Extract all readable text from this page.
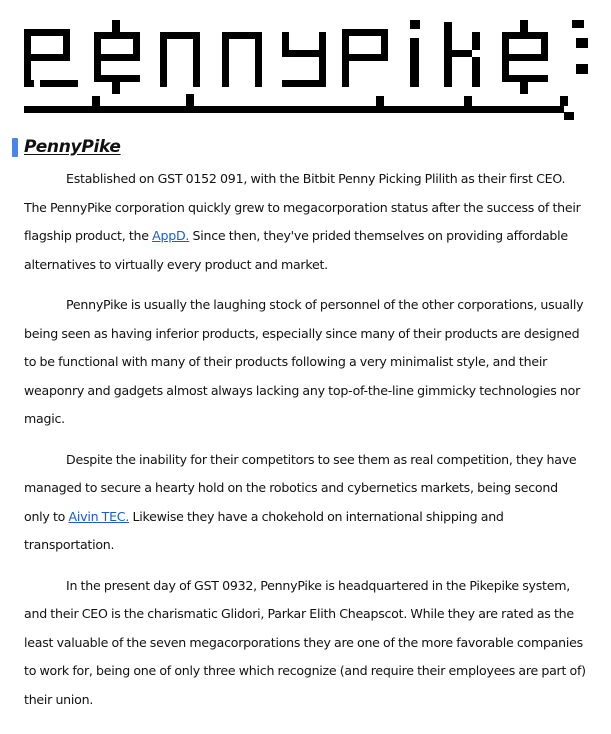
PennyPike

Established on GST 0152 091, with the Bitbit Penny Picking Plilith as their first CEO. The PennyPike corporation quickly grew to megacorporation status after the success of their flagship product, the AppD. Since then, they've prided themselves on providing affordable alternatives to virtually every product and market.

PennyPike is usually the laughing stock of personnel of the other corporations, usually being seen as having inferior products, especially since many of their products are designed to be functional with many of their products following a very minimalist style, and their weaponry and gadgets almost always lacking any top-of-the-line gimmicky technologies nor magic.

Despite the inability for their competitors to see them as real competition, they have managed to secure a hearty hold on the robotics and cybernetics markets, being second only to Aivin TEC. Likewise they have a chokehold on international shipping and transportation.

In the present day of GST 0932, PennyPike is headquartered in the Pikepike system, and their CEO is the charismatic Glidori, Parkar Elith Cheapscot. While they are rated as the least valuable of the seven megacorporations they are one of the more favorable companies to work for, being one of only three which recognize (and require their employees are part of) their union.
